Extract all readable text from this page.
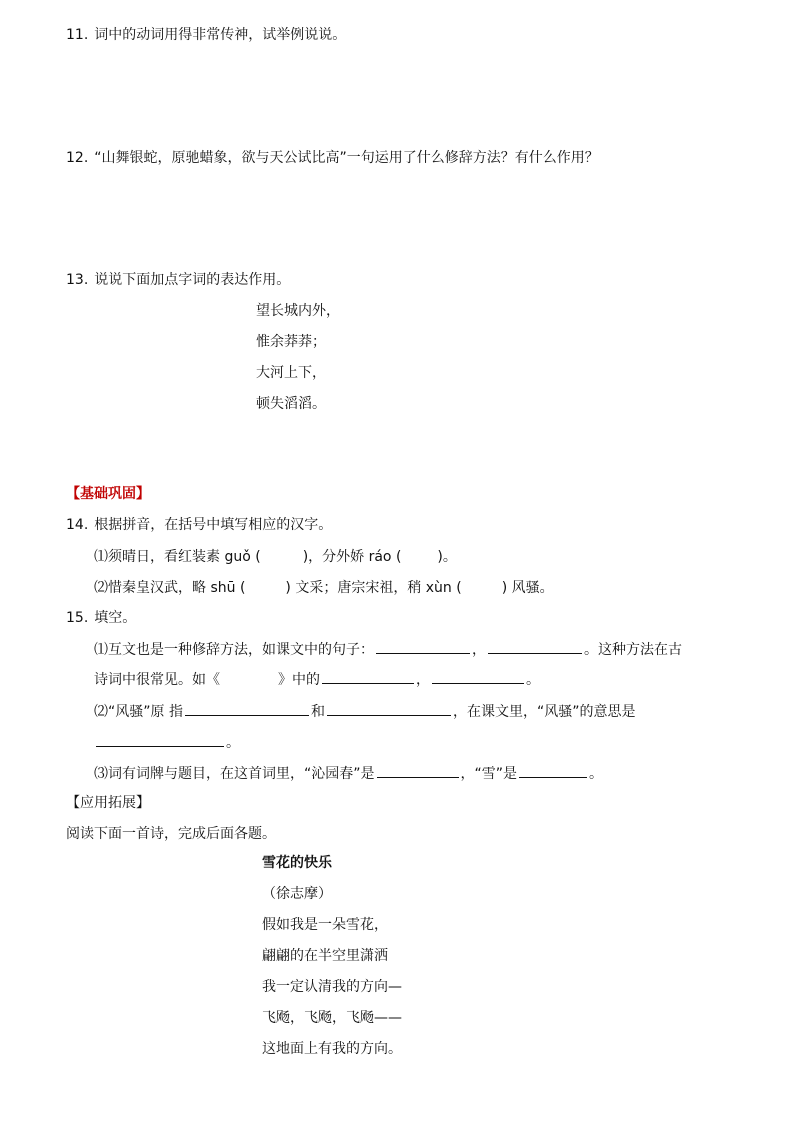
11. 词中的动词用得非常传神，试举例说说。
12. “山舞银蛇，原驰蜡象，欲与天公试比高”一句运用了什么修辞方法？有什么作用？
13. 说说下面加点字词的表达作用。
望长城内外，
惟余莽莽；
大河上下，
顿失滔滔。
【基础巩固】
14. 根据拼音，在括号中填写相应的汉字。
⑴须晴日，看红装素 guǒ (	)，分外娇 ráo (	)。
⑵惜秦皇汉武，略 shū (	) 文采；唐宗宋祖，稍 xùn (	) 风骚。
15. 填空。
⑴互文也是一种修辞方法，如课文中的句子：	，	。这种方法在古
诗词中很常见。如《	》中的	，	。
⑵“风骚”原 指	和	，在课文里，“风骚”的意思是
。
⑶词有词牌与题目，在这首词里，“沁园春”是	，“雪”是	。
【应用拓展】
阅读下面一首诗，完成后面各题。
雪花的快乐
（徐志摩）
假如我是一朵雪花，
翩翩的在半空里潇洒
我一定认清我的方向—
飞飏，飞飏，飞飏——
这地面上有我的方向。
